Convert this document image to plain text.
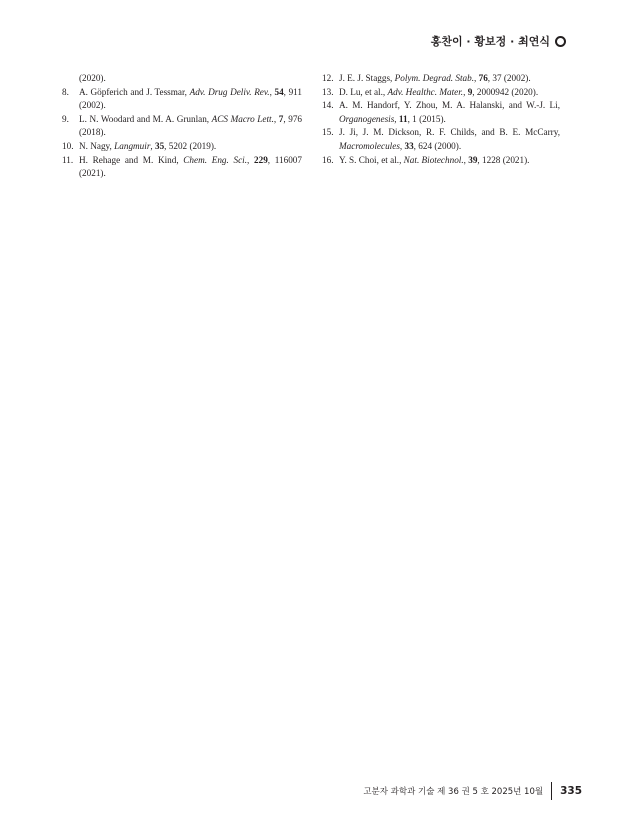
홍찬이 · 황보정 · 최연식
(2020).
8. A. Göpferich and J. Tessmar, Adv. Drug Deliv. Rev., 54, 911 (2002).
9. L. N. Woodard and M. A. Grunlan, ACS Macro Lett., 7, 976 (2018).
10. N. Nagy, Langmuir, 35, 5202 (2019).
11. H. Rehage and M. Kind, Chem. Eng. Sci., 229, 116007 (2021).
12. J. E. J. Staggs, Polym. Degrad. Stab., 76, 37 (2002).
13. D. Lu, et al., Adv. Healthc. Mater., 9, 2000942 (2020).
14. A. M. Handorf, Y. Zhou, M. A. Halanski, and W.-J. Li, Organogenesis, 11, 1 (2015).
15. J. Ji, J. M. Dickson, R. F. Childs, and B. E. McCarry, Macromolecules, 33, 624 (2000).
16. Y. S. Choi, et al., Nat. Biotechnol., 39, 1228 (2021).
고분자 과학과 기술 제 36 권 5 호 2025년 10월 335
